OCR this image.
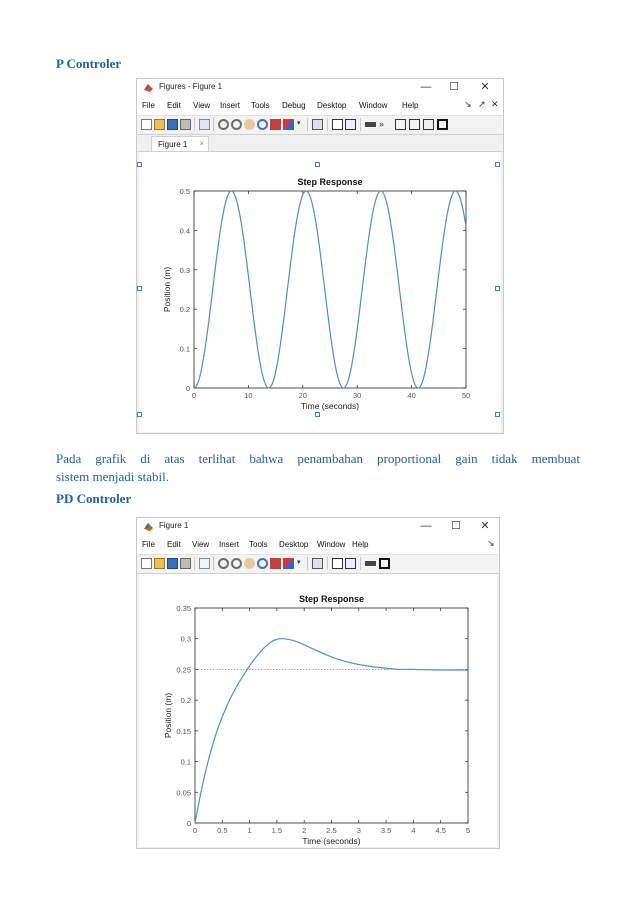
P Controler
Figures - Figure 1	— ☐ ✕
File Edit View Insert Tools Debug Desktop Window Help	↘ ↗ ✕
▾	»
Figure 1 ×
Step Response
0	10	20	30	40	50
0
0.1
0.2
0.3
0.4
0.5
Time (seconds)
Position (m)
Pada grafik di atas terlihat bahwa penambahan proportional gain tidak membuat
sistem menjadi stabil.
PD Controler
Figure 1	— ☐ ✕
File Edit View Insert Tools Desktop Window Help	↘
▾
Step Response
0	0.5	1	1.5	2	2.5	3	3.5	4	4.5	5
0
0.05
0.1
0.15
0.2
0.25
0.3
0.35
Time (seconds)
Position (m)
